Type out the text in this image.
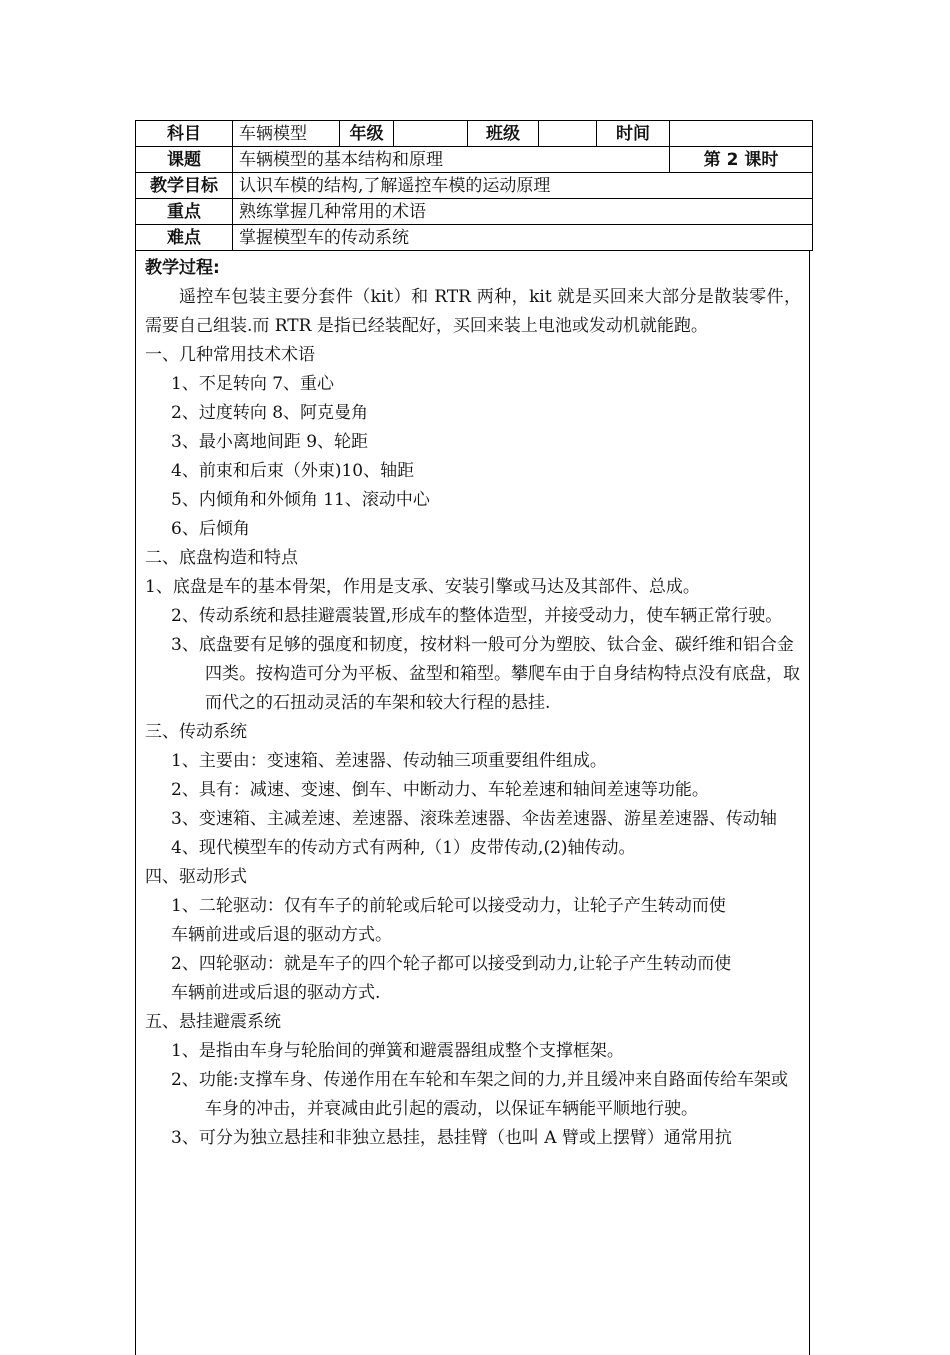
科目	车辆模型	年级		班级		时间	
课题	车辆模型的基本结构和原理						第 2 课时
教学目标	认识车模的结构,了解遥控车模的运动原理						
重点	熟练掌握几种常用的术语						
难点	掌握模型车的传动系统						
教学过程:
遥控车包装主要分套件（kit）和 RTR 两种，kit 就是买回来大部分是散装零件，需要自己组装.而 RTR 是指已经装配好，买回来装上电池或发动机就能跑。
一、几种常用技术术语
1、不足转向 7、重心
2、过度转向 8、阿克曼角
3、最小离地间距 9、轮距
4、前束和后束（外束)10、轴距
5、内倾角和外倾角 11、滚动中心
6、后倾角
二、底盘构造和特点
1、底盘是车的基本骨架，作用是支承、安装引擎或马达及其部件、总成。
2、传动系统和悬挂避震装置,形成车的整体造型，并接受动力，使车辆正常行驶。
3、底盘要有足够的强度和韧度，按材料一般可分为塑胶、钛合金、碳纤维和铝合金四类。按构造可分为平板、盆型和箱型。攀爬车由于自身结构特点没有底盘，取而代之的石扭动灵活的车架和较大行程的悬挂.
三、传动系统
1、主要由：变速箱、差速器、传动轴三项重要组件组成。
2、具有：减速、变速、倒车、中断动力、车轮差速和轴间差速等功能。
3、变速箱、主减差速、差速器、滚珠差速器、伞齿差速器、游星差速器、传动轴
4、现代模型车的传动方式有两种,（1）皮带传动,(2)轴传动。
四、驱动形式
1、二轮驱动：仅有车子的前轮或后轮可以接受动力，让轮子产生转动而使
车辆前进或后退的驱动方式。
2、四轮驱动：就是车子的四个轮子都可以接受到动力,让轮子产生转动而使
车辆前进或后退的驱动方式.
五、悬挂避震系统
1、是指由车身与轮胎间的弹簧和避震器组成整个支撑框架。
2、功能:支撑车身、传递作用在车轮和车架之间的力,并且缓冲来自路面传给车架或车身的冲击，并衰减由此引起的震动，以保证车辆能平顺地行驶。
3、可分为独立悬挂和非独立悬挂，悬挂臂（也叫 A 臂或上摆臂）通常用抗
